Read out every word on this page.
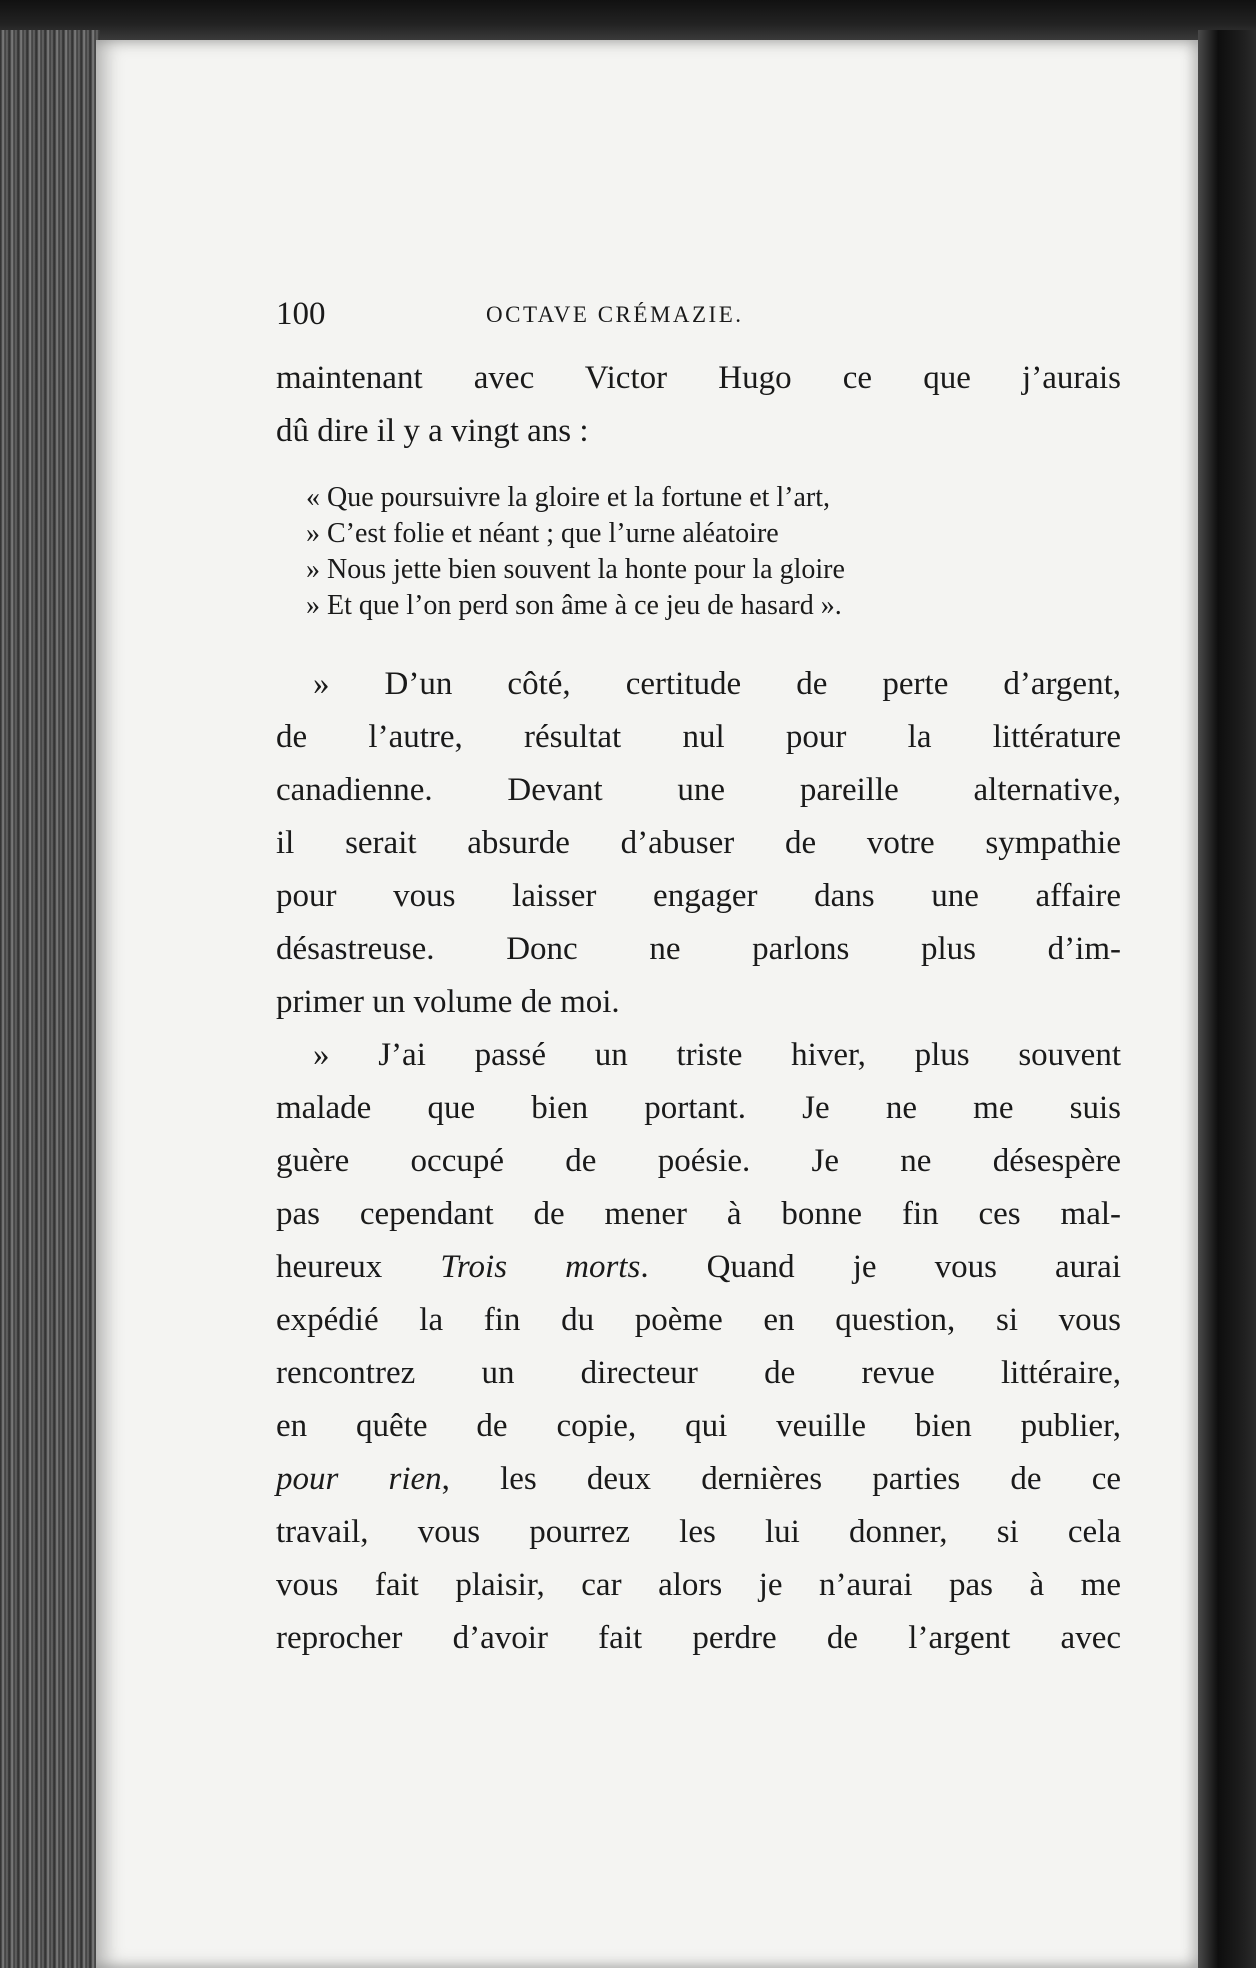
100	OCTAVE CRÉMAZIE.
maintenant avec Victor Hugo ce que j’aurais
dû dire il y a vingt ans :
« Que poursuivre la gloire et la fortune et l’art,
» C’est folie et néant ; que l’urne aléatoire
» Nous jette bien souvent la honte pour la gloire
» Et que l’on perd son âme à ce jeu de hasard ».
» D’un côté, certitude de perte d’argent,
de l’autre, résultat nul pour la littérature
canadienne. Devant une pareille alternative,
il serait absurde d’abuser de votre sympathie
pour vous laisser engager dans une affaire
désastreuse. Donc ne parlons plus d’im-
primer un volume de moi.
» J’ai passé un triste hiver, plus souvent
malade que bien portant. Je ne me suis
guère occupé de poésie. Je ne désespère
pas cependant de mener à bonne fin ces mal-
heureux Trois morts. Quand je vous aurai
expédié la fin du poème en question, si vous
rencontrez un directeur de revue littéraire,
en quête de copie, qui veuille bien publier,
pour rien, les deux dernières parties de ce
travail, vous pourrez les lui donner, si cela
vous fait plaisir, car alors je n’aurai pas à me
reprocher d’avoir fait perdre de l’argent avec
